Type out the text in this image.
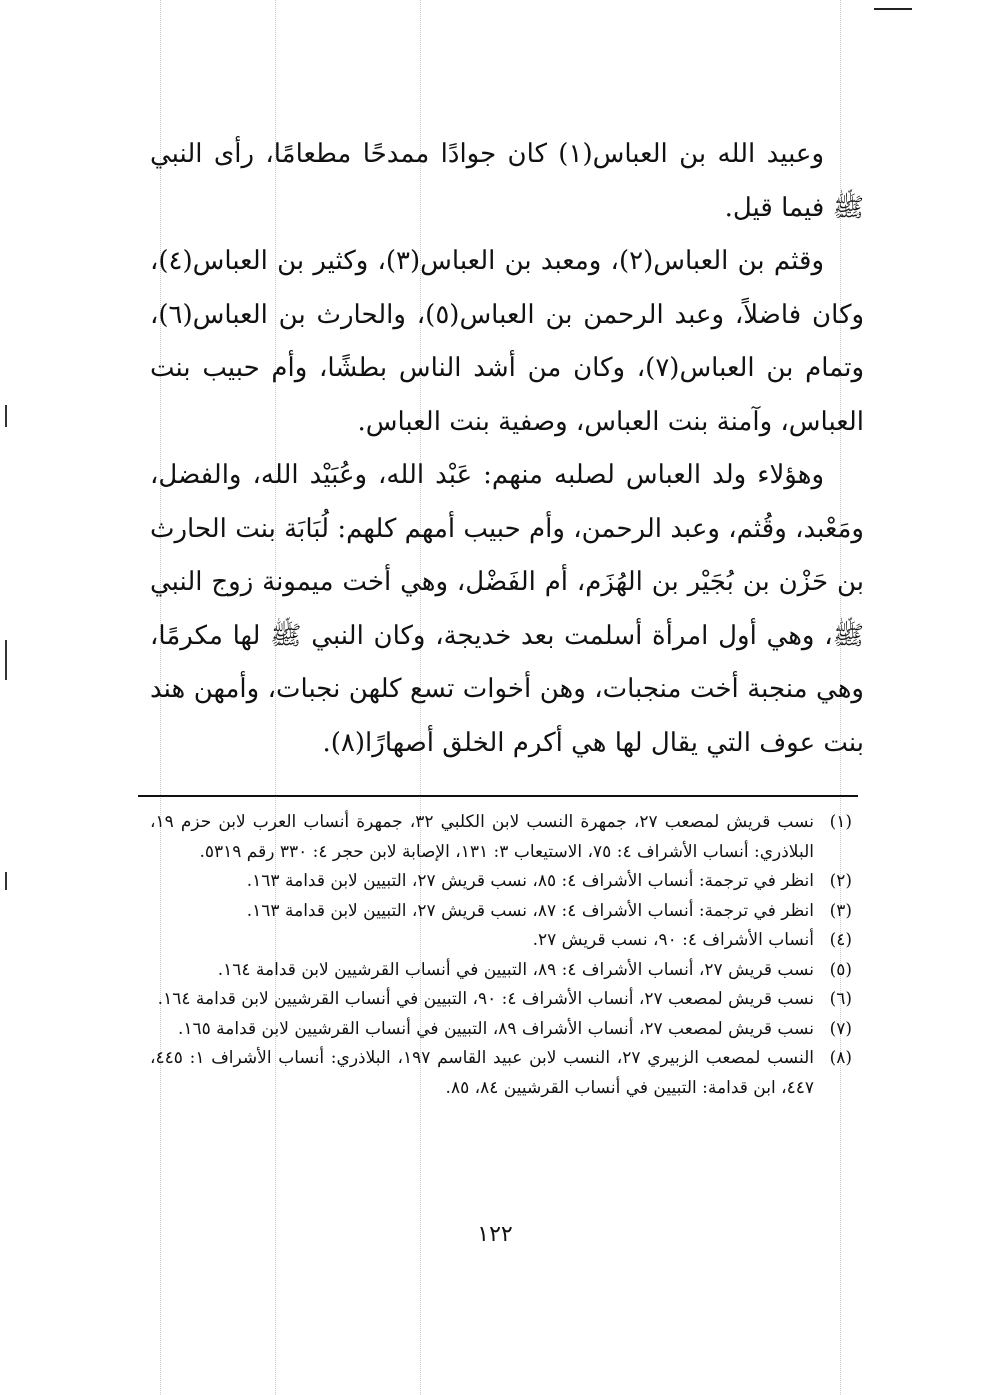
وعبيد الله بن العباس(١) كان جوادًا ممدحًا مطعامًا، رأى النبي ﷺ فيما قيل.

وقثم بن العباس(٢)، ومعبد بن العباس(٣)، وكثير بن العباس(٤)، وكان فاضلاً، وعبد الرحمن بن العباس(٥)، والحارث بن العباس(٦)، وتمام بن العباس(٧)، وكان من أشد الناس بطشًا، وأم حبيب بنت العباس، وآمنة بنت العباس، وصفية بنت العباس.

وهؤلاء ولد العباس لصلبه منهم: عَبْد الله، وعُبَيْد الله، والفضل، ومَعْبد، وقُثم، وعبد الرحمن، وأم حبيب أمهم كلهم: لُبَابَة بنت الحارث بن حَزْن بن بُجَيْر بن الهُزَم، أم الفَضْل، وهي أخت ميمونة زوج النبي ﷺ، وهي أول امرأة أسلمت بعد خديجة، وكان النبي ﷺ لها مكرمًا، وهي منجبة أخت منجبات، وهن أخوات تسع كلهن نجبات، وأمهن هند بنت عوف التي يقال لها هي أكرم الخلق أصهارًا(٨).

(١)
نسب قريش لمصعب ٢٧، جمهرة النسب لابن الكلبي ٣٢، جمهرة أنساب العرب لابن حزم ١٩، البلاذري: أنساب الأشراف ٤: ٧٥، الاستيعاب ٣: ١٣١، الإصابة لابن حجر ٤: ٣٣٠ رقم ٥٣١٩.
(٢)
انظر في ترجمة: أنساب الأشراف ٤: ٨٥، نسب قريش ٢٧، التبيين لابن قدامة ١٦٣.
(٣)
انظر في ترجمة: أنساب الأشراف ٤: ٨٧، نسب قريش ٢٧، التبيين لابن قدامة ١٦٣.
(٤)
أنساب الأشراف ٤: ٩٠، نسب قريش ٢٧.
(٥)
نسب قريش ٢٧، أنساب الأشراف ٤: ٨٩، التبيين في أنساب القرشيين لابن قدامة ١٦٤.
(٦)
نسب قريش لمصعب ٢٧، أنساب الأشراف ٤: ٩٠، التبيين في أنساب القرشيين لابن قدامة ١٦٤.
(٧)
نسب قريش لمصعب ٢٧، أنساب الأشراف ٨٩، التبيين في أنساب القرشيين لابن قدامة ١٦٥.
(٨)
النسب لمصعب الزبيري ٢٧، النسب لابن عبيد القاسم ١٩٧، البلاذري: أنساب الأشراف ١: ٤٤٥، ٤٤٧، ابن قدامة: التبيين في أنساب القرشيين ٨٤، ٨٥.
١٢٢
